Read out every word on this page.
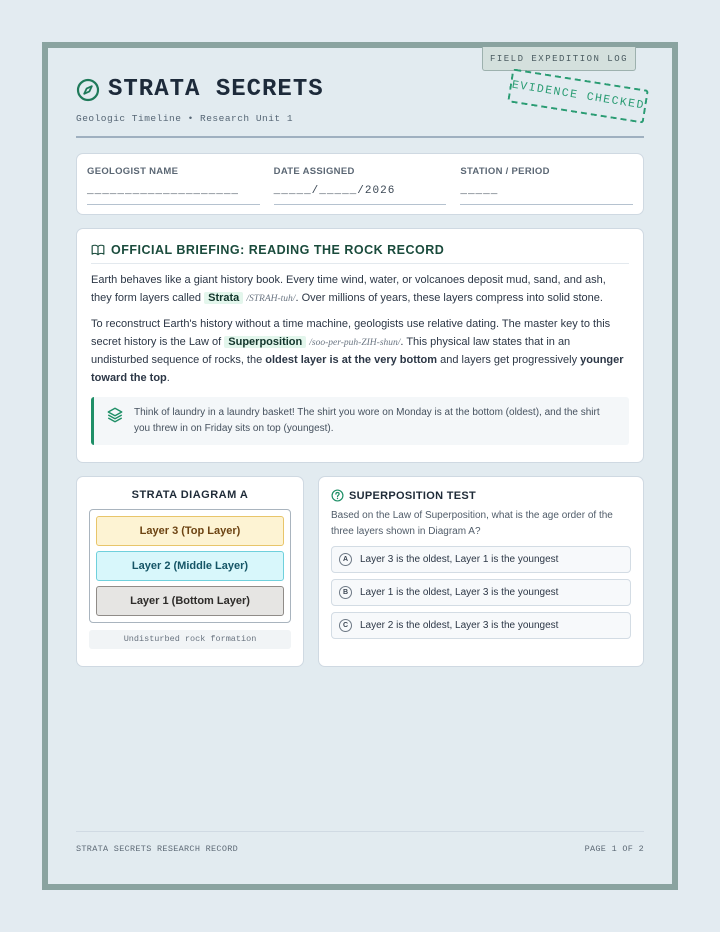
FIELD EXPEDITION LOG
EVIDENCE CHECKED
STRATA SECRETS
Geologic Timeline • Research Unit 1
GEOLOGIST NAME
____________________
DATE ASSIGNED
_____/_____/2026
STATION / PERIOD
_____
OFFICIAL BRIEFING: READING THE ROCK RECORD

Earth behaves like a giant history book. Every time wind, water, or volcanoes deposit mud, sand, and ash, they form layers called Strata /STRAH-tuh/. Over millions of years, these layers compress into solid stone.

To reconstruct Earth's history without a time machine, geologists use relative dating. The master key to this secret history is the Law of Superposition /soo-per-puh-ZIH-shun/. This physical law states that in an undisturbed sequence of rocks, the oldest layer is at the very bottom and layers get progressively younger toward the top.

Think of laundry in a laundry basket! The shirt you wore on Monday is at the bottom (oldest), and the shirt you threw in on Friday sits on top (youngest).
STRATA DIAGRAM A
Layer 3 (Top Layer)
Layer 2 (Middle Layer)
Layer 1 (Bottom Layer)
Undisturbed rock formation
SUPERPOSITION TEST
Based on the Law of Superposition, what is the age order of the three layers shown in Diagram A?
A	Layer 3 is the oldest, Layer 1 is the youngest
B	Layer 1 is the oldest, Layer 3 is the youngest
C	Layer 2 is the oldest, Layer 3 is the youngest
STRATA SECRETS RESEARCH RECORD	PAGE 1 OF 2
